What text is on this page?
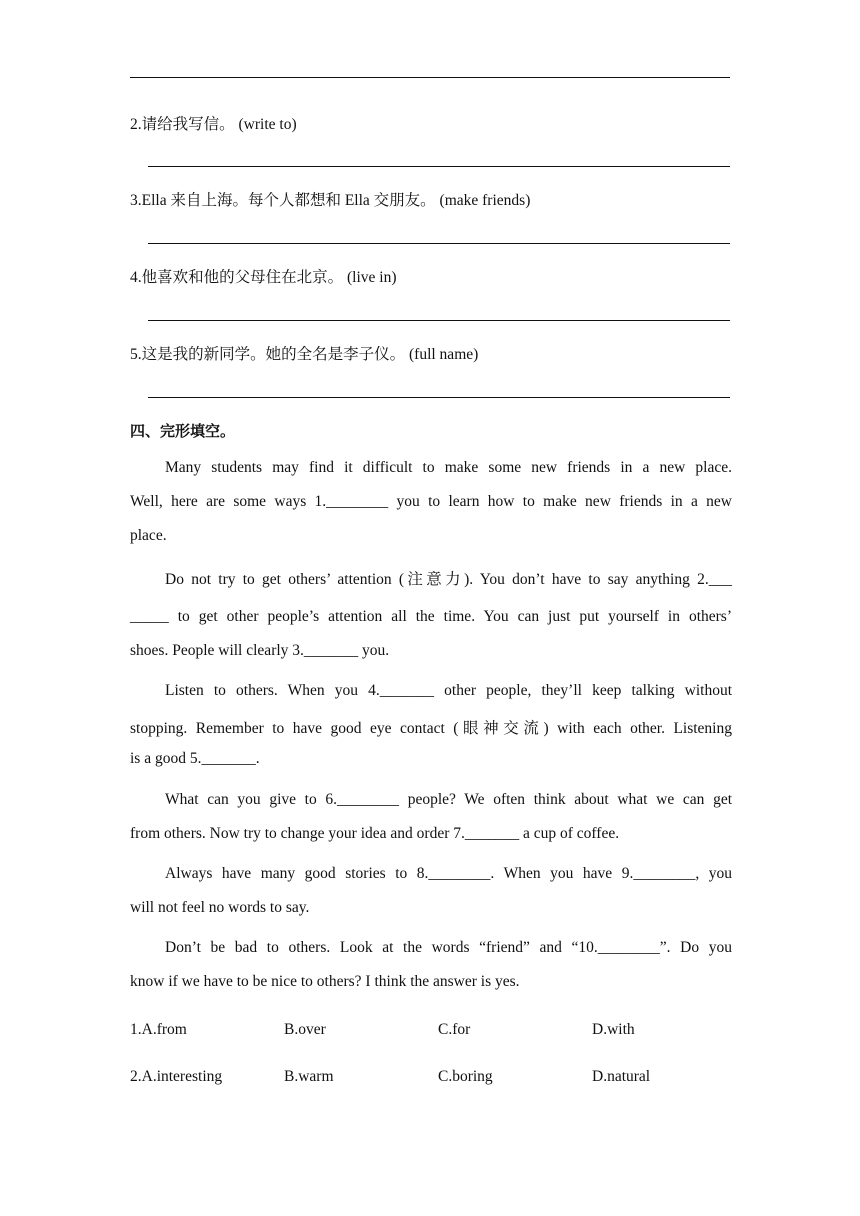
2.请给我写信。 (write to)
3.Ella 来自上海。每个人都想和 Ella 交朋友。 (make friends)
4.他喜欢和他的父母住在北京。 (live in)
5.这是我的新同学。她的全名是李子仪。 (full name)
四、完形填空。
Many students may find it difficult to make some new friends in a new place.
Well, here are some ways 1.________ you to learn how to make new friends in a new
place.
Do not try to get others’ attention (注意力). You don’t have to say anything 2.___
_____ to get other people’s attention all the time. You can just put yourself in others’
shoes. People will clearly 3._______ you.
Listen to others. When you 4._______ other people, they’ll keep talking without
stopping. Remember to have good eye contact (眼神交流) with each other. Listening
is a good 5._______.
What can you give to 6.________ people? We often think about what we can get
from others. Now try to change your idea and order 7._______ a cup of coffee.
Always have many good stories to 8.________. When you have 9.________, you
will not feel no words to say.
Don’t be bad to others. Look at the words “friend” and “10.________”. Do you
know if we have to be nice to others? I think the answer is yes.
1.A.from	B.over	C.for	D.with
2.A.interesting	B.warm	C.boring	D.natural
